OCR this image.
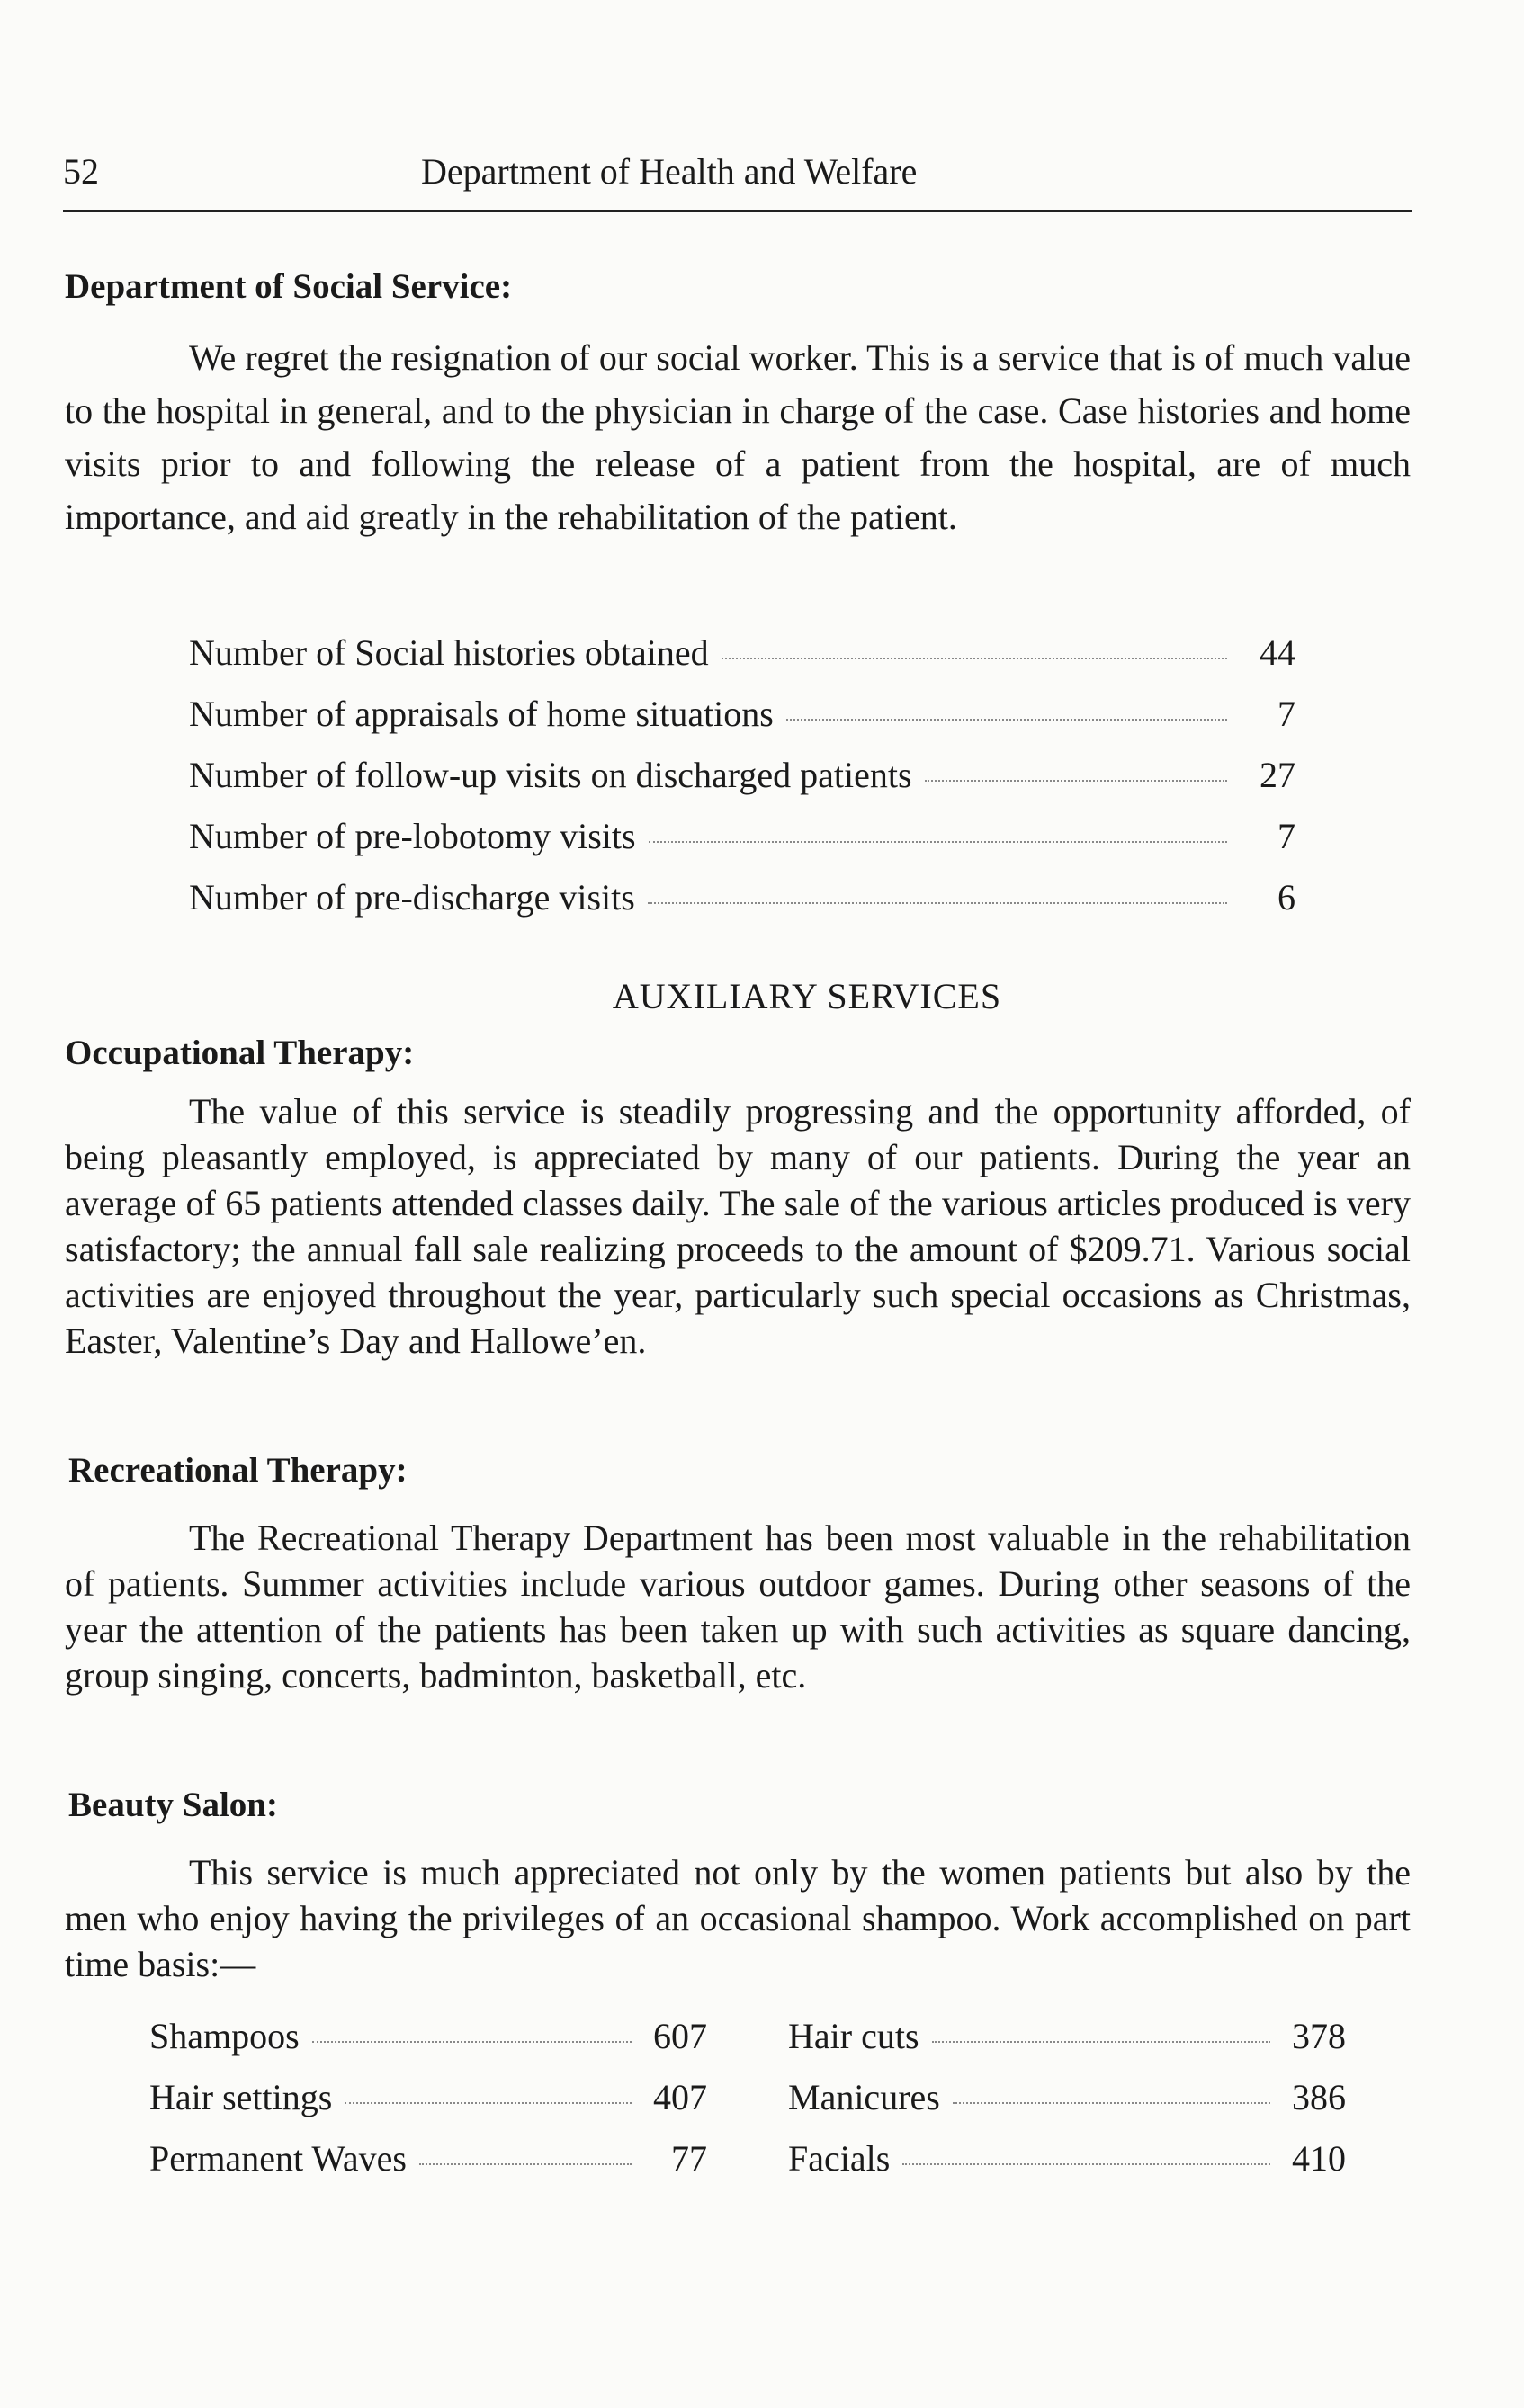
52	Department of Health and Welfare
Department of Social Service:

We regret the resignation of our social worker. This is a service that is of much value to the hospital in general, and to the physician in charge of the case. Case histories and home visits prior to and following the release of a patient from the hospital, are of much importance, and aid greatly in the rehabilitation of the patient.

Number of Social histories obtained	44
Number of appraisals of home situations	7
Number of follow-up visits on discharged patients	27
Number of pre-lobotomy visits	7
Number of pre-discharge visits	6
AUXILIARY SERVICES
Occupational Therapy:

The value of this service is steadily progressing and the opportunity afforded, of being pleasantly employed, is appreciated by many of our patients. During the year an average of 65 patients attended classes daily. The sale of the various articles produced is very satisfactory; the annual fall sale realizing proceeds to the amount of $209.71. Various social activities are enjoyed throughout the year, particularly such special occasions as Christmas, Easter, Valentine’s Day and Hallowe’en.

Recreational Therapy:

The Recreational Therapy Department has been most valuable in the rehabilitation of patients. Summer activities include various outdoor games. During other seasons of the year the attention of the patients has been taken up with such activities as square dancing, group singing, concerts, badminton, basketball, etc.

Beauty Salon:

This service is much appreciated not only by the women patients but also by the men who enjoy having the privileges of an occasional shampoo. Work accomplished on part time basis:—

Shampoos	607 Hair cuts	378
Hair settings	407 Manicures	386
Permanent Waves	77 Facials	410
